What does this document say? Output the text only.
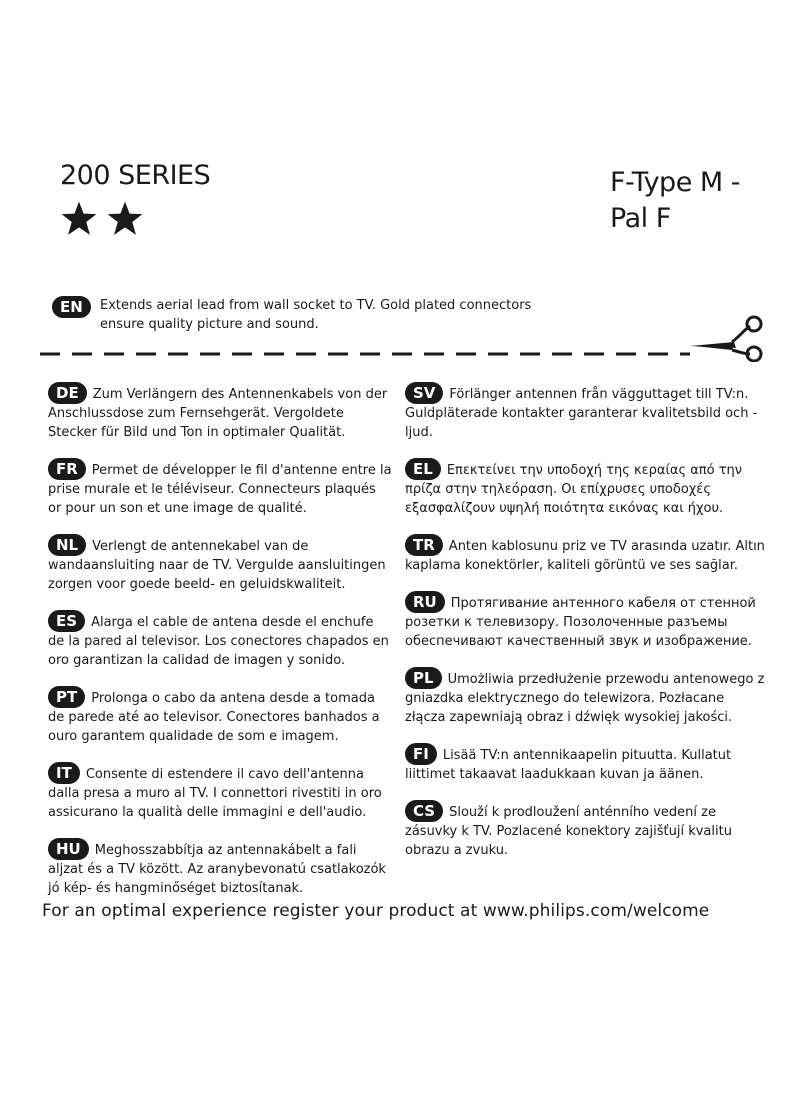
200 SERIES	F-Type M -
Pal F
EN	Extends aerial lead from wall socket to TV. Gold plated connectors ensure quality picture and sound.
DE Zum Verlängern des Antennenkabels von der Anschlussdose zum Fernsehgerät. Vergoldete Stecker für Bild und Ton in optimaler Qualität.
FR Permet de développer le fil d'antenne entre la prise murale et le téléviseur. Connecteurs plaqués or pour un son et une image de qualité.
NL Verlengt de antennekabel van de wandaansluiting naar de TV. Vergulde aansluitingen zorgen voor goede beeld- en geluidskwaliteit.
ES Alarga el cable de antena desde el enchufe de la pared al televisor. Los conectores chapados en oro garantizan la calidad de imagen y sonido.
PT Prolonga o cabo da antena desde a tomada de parede até ao televisor. Conectores banhados a ouro garantem qualidade de som e imagem.
IT Consente di estendere il cavo dell'antenna dalla presa a muro al TV. I connettori rivestiti in oro assicurano la qualità delle immagini e dell'audio.
HU Meghosszabbítja az antennakábelt a fali aljzat és a TV között. Az aranybevonatú csatlakozók jó kép- és hangminőséget biztosítanak.
SV Förlänger antennen från vägguttaget till TV:n. Guldpläterade kontakter garanterar kvalitetsbild och -ljud.
EL Επεκτείνει την υποδοχή της κεραίας από την πρίζα στην τηλεόραση. Οι επίχρυσες υποδοχές εξασφαλίζουν υψηλή ποιότητα εικόνας και ήχου.
TR Anten kablosunu priz ve TV arasında uzatır. Altın kaplama konektörler, kaliteli görüntü ve ses sağlar.
RU Протягивание антенного кабеля от стенной розетки к телевизору. Позолоченные разъемы обеспечивают качественный звук и изображение.
PL Umożliwia przedłużenie przewodu antenowego z gniazdka elektrycznego do telewizora. Pozłacane złącza zapewniają obraz i dźwięk wysokiej jakości.
FI Lisää TV:n antennikaapelin pituutta. Kullatut liittimet takaavat laadukkaan kuvan ja äänen.
CS Slouží k prodloužení anténního vedení ze zásuvky k TV. Pozlacené konektory zajišťují kvalitu obrazu a zvuku.
For an optimal experience register your product at www.philips.com/welcome
